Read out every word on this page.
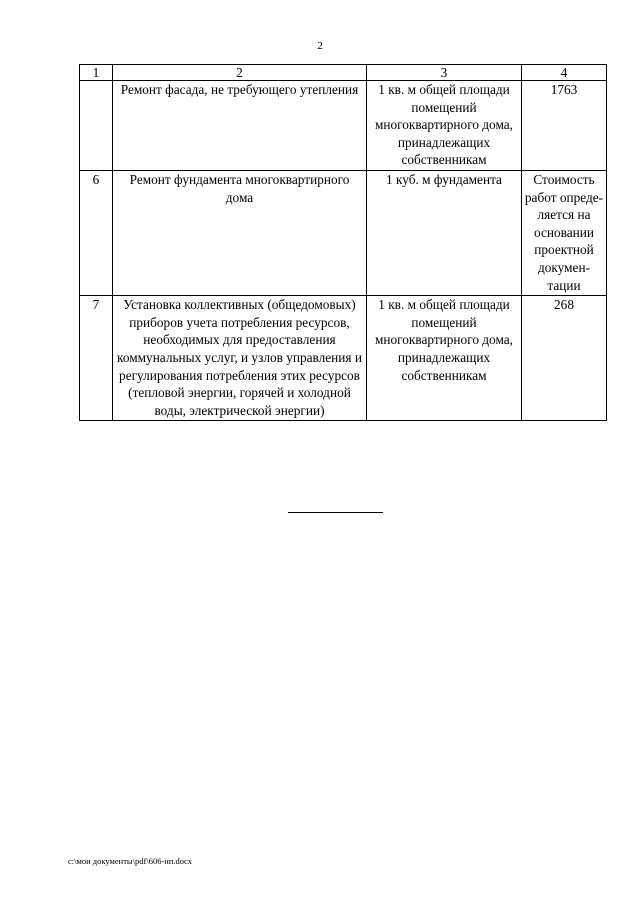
2
1	2	3	4
	Ремонт фасада, не требующего утепления	1 кв. м общей площади помещений многоквартирного дома, принадлежащих собственникам	1763
6	Ремонт фундамента многоквартирного дома	1 куб. м фундамента	Стоимость работ опреде-ляется на основании проектной докумен-тации
7	Установка коллективных (общедомовых) приборов учета потребления ресурсов, необходимых для предоставления коммунальных услуг, и узлов управления и регулирования потребления этих ресурсов (тепловой энергии, горячей и холодной воды, электрической энергии)	1 кв. м общей площади помещений многоквартирного дома, принадлежащих собственникам	268
c:\мои документы\pdf\606-нп.docx
